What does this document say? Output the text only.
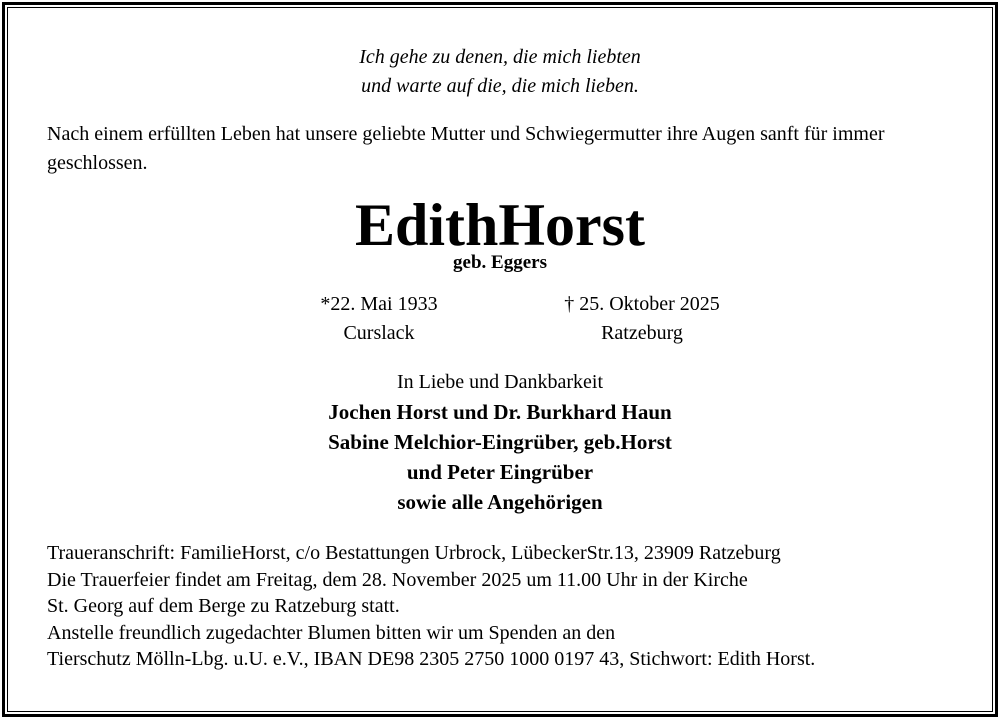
Ich gehe zu denen, die mich liebten
und warte auf die, die mich lieben.
Nach einem erfüllten Leben hat unsere geliebte Mutter und Schwiegermutter ihre Augen sanft für immer geschlossen.
EdithHorst
geb. Eggers
*22. Mai 1933
Curslack
† 25. Oktober 2025
Ratzeburg
In Liebe und Dankbarkeit
Jochen Horst und Dr. Burkhard Haun
Sabine Melchior-Eingrüber, geb.Horst
und Peter Eingrüber
sowie alle Angehörigen
Traueranschrift: FamilieHorst, c/o Bestattungen Urbrock, LübeckerStr.13, 23909 Ratzeburg
Die Trauerfeier findet am Freitag, dem 28. November 2025 um 11.00 Uhr in der Kirche
St. Georg auf dem Berge zu Ratzeburg statt.
Anstelle freundlich zugedachter Blumen bitten wir um Spenden an den
Tierschutz Mölln-Lbg. u.U. e.V., IBAN DE98 2305 2750 1000 0197 43, Stichwort: Edith Horst.
